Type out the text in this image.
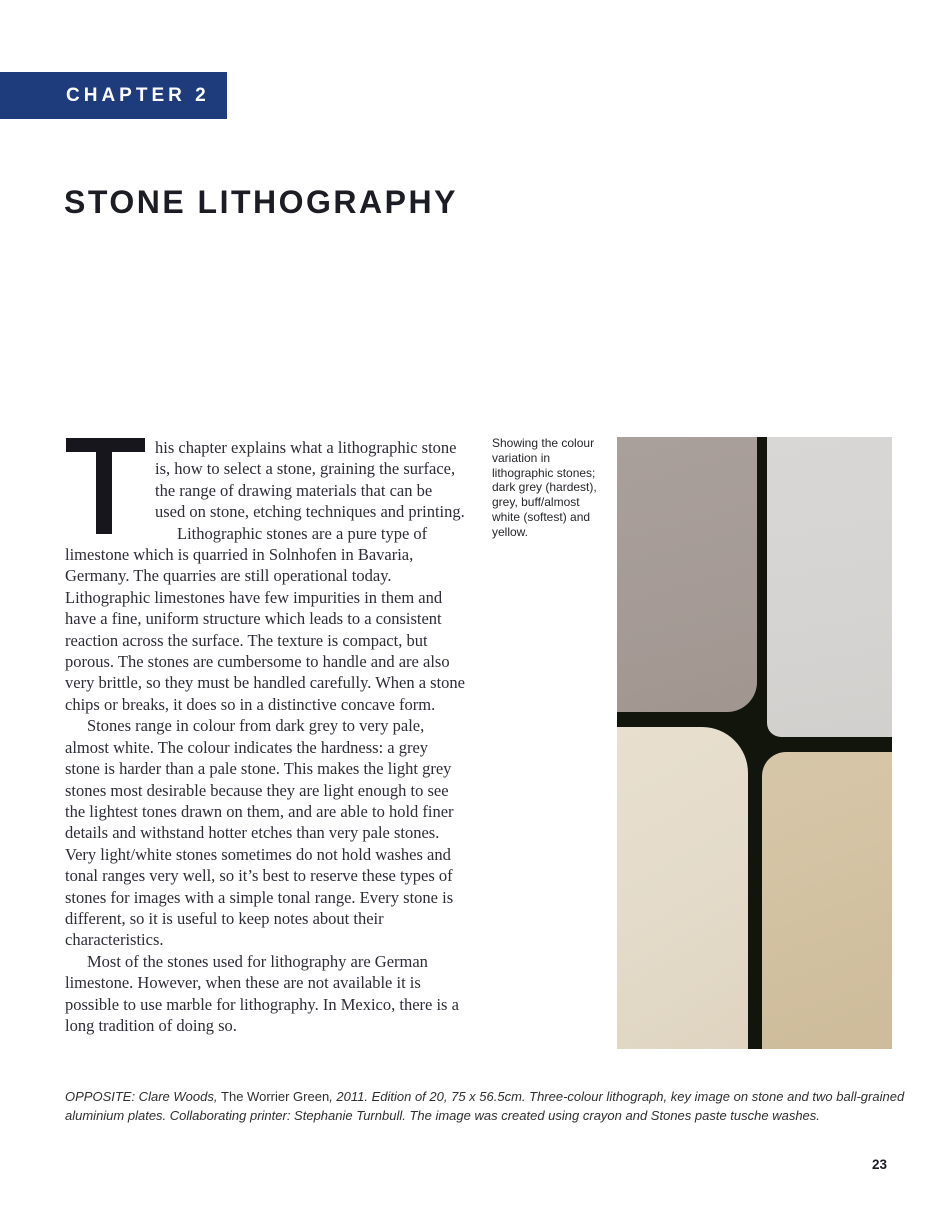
CHAPTER 2
STONE LITHOGRAPHY

his chapter explains what a lithographic stone is, how to select a stone, graining the surface, the range of drawing materials that can be used on stone, etching techniques and printing.

Lithographic stones are a pure type of limestone which is quarried in Solnhofen in Bavaria, Germany. The quarries are still operational today. Lithographic limestones have few impurities in them and have a fine, uniform structure which leads to a consistent reaction across the surface. The texture is compact, but porous. The stones are cumbersome to handle and are also very brittle, so they must be handled carefully. When a stone chips or breaks, it does so in a distinctive concave form.

Stones range in colour from dark grey to very pale, almost white. The colour indicates the hardness: a grey stone is harder than a pale stone. This makes the light grey stones most desirable because they are light enough to see the lightest tones drawn on them, and are able to hold finer details and withstand hotter etches than very pale stones. Very light/white stones sometimes do not hold washes and tonal ranges very well, so it’s best to reserve these types of stones for images with a simple tonal range. Every stone is different, so it is useful to keep notes about their characteristics.

Most of the stones used for lithography are German limestone. However, when these are not available it is possible to use marble for lithography. In Mexico, there is a long tradition of doing so.

Showing the colour variation in lithographic stones; dark grey (hardest), grey, buff/almost white (softest) and yellow.

OPPOSITE: Clare Woods, The Worrier Green, 2011. Edition of 20, 75 x 56.5cm. Three-colour lithograph, key image on stone and two ball-grained aluminium plates. Collaborating printer: Stephanie Turnbull. The image was created using crayon and Stones paste tusche washes.

23
